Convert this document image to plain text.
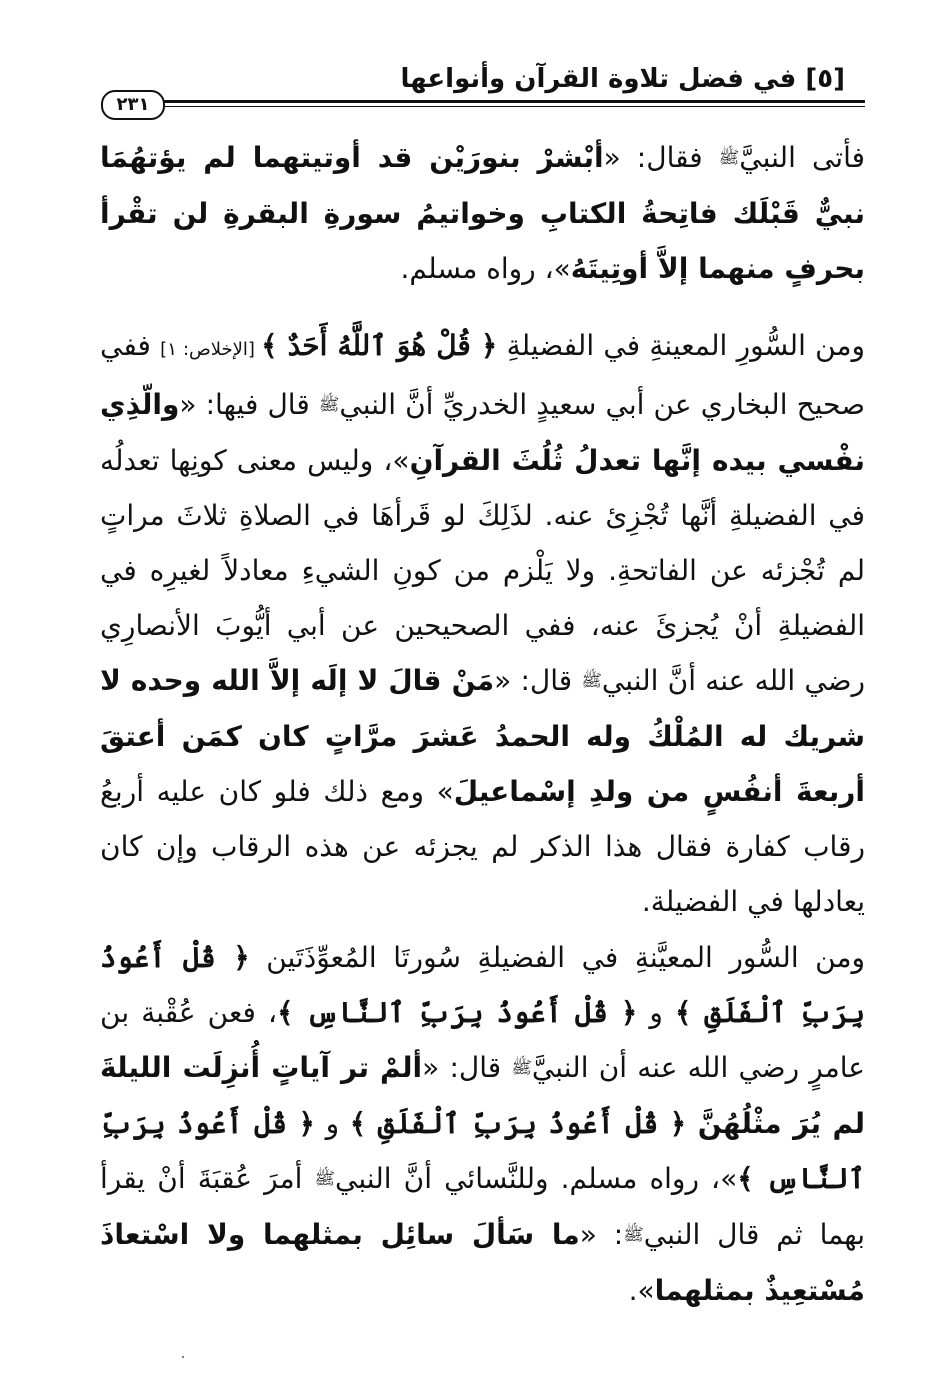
[٥] في فضل تلاوة القرآن وأنواعها
٢٣١

فأتى النبيَّﷺ فقال: «أبْشرْ بنورَيْن قد أوتيتهما لم يؤتهُمَا نبيٌّ قَبْلَك فاتِحةُ الكتابِ وخواتيمُ سورةِ البقرةِ لن تقْرأ بحرفٍ منهما إلاَّ أوتِيتَهُ»، رواه مسلم.

ومن السُّورِ المعينةِ في الفضيلةِ ﴿ قُلْ هُوَ ٱللَّهُ أَحَدٌ ﴾ [الإخلاص: ١] ففي صحيح البخاري عن أبي سعيدٍ الخدريِّ أنَّ النبيﷺ قال فيها: «والّذِي نفْسي بيده إنَّها تعدلُ ثُلُثَ القرآنِ»، وليس معنى كونِها تعدلُه في الفضيلةِ أنَّها تُجْزِئ عنه. لذَلِكَ لو قَرأهَا في الصلاةِ ثلاثَ مراتٍ لم تُجْزئه عن الفاتحةِ. ولا يَلْزم من كونِ الشيءِ معادلاً لغيرِه في الفضيلةِ أنْ يُجزئَ عنه، ففي الصحيحين عن أبي أيُّوبَ الأنصارِي رضي الله عنه أنَّ النبيﷺ قال: «مَنْ قالَ لا إلَه إلاَّ الله وحده لا شريك له المُلْكُ وله الحمدُ عَشرَ مرَّاتٍ كان كمَن أعتقَ أربعةَ أنفُسٍ من ولدِ إسْماعيلَ» ومع ذلك فلو كان عليه أربعُ رقاب كفارة فقال هذا الذكر لم يجزئه عن هذه الرقاب وإن كان يعادلها في الفضيلة.

ومن السُّور المعيَّنةِ في الفضيلةِ سُورتَا المُعوِّذَتَين ﴿ قُلْ أَعُوذُ بِرَبِّ ٱلْفَلَقِ ﴾ و ﴿ قُلْ أَعُوذُ بِرَبِّ ٱلنَّاسِ ﴾، فعن عُقْبة بن عامرٍ رضي الله عنه أن النبيَّﷺ قال: «ألمْ تر آياتٍ أُنزِلَت الليلةَ لم يُرَ مثْلُهُنَّ ﴿ قُلْ أَعُوذُ بِرَبِّ ٱلْفَلَقِ ﴾ و ﴿ قُلْ أَعُوذُ بِرَبِّ ٱلنَّاسِ ﴾»، رواه مسلم. وللنَّسائي أنَّ النبيﷺ أمرَ عُقبَةَ أنْ يقرأ بهما ثم قال النبيﷺ: «ما سَألَ سائِل بمثلهما ولا اسْتعاذَ مُسْتعِيذٌ بمثلهما».
